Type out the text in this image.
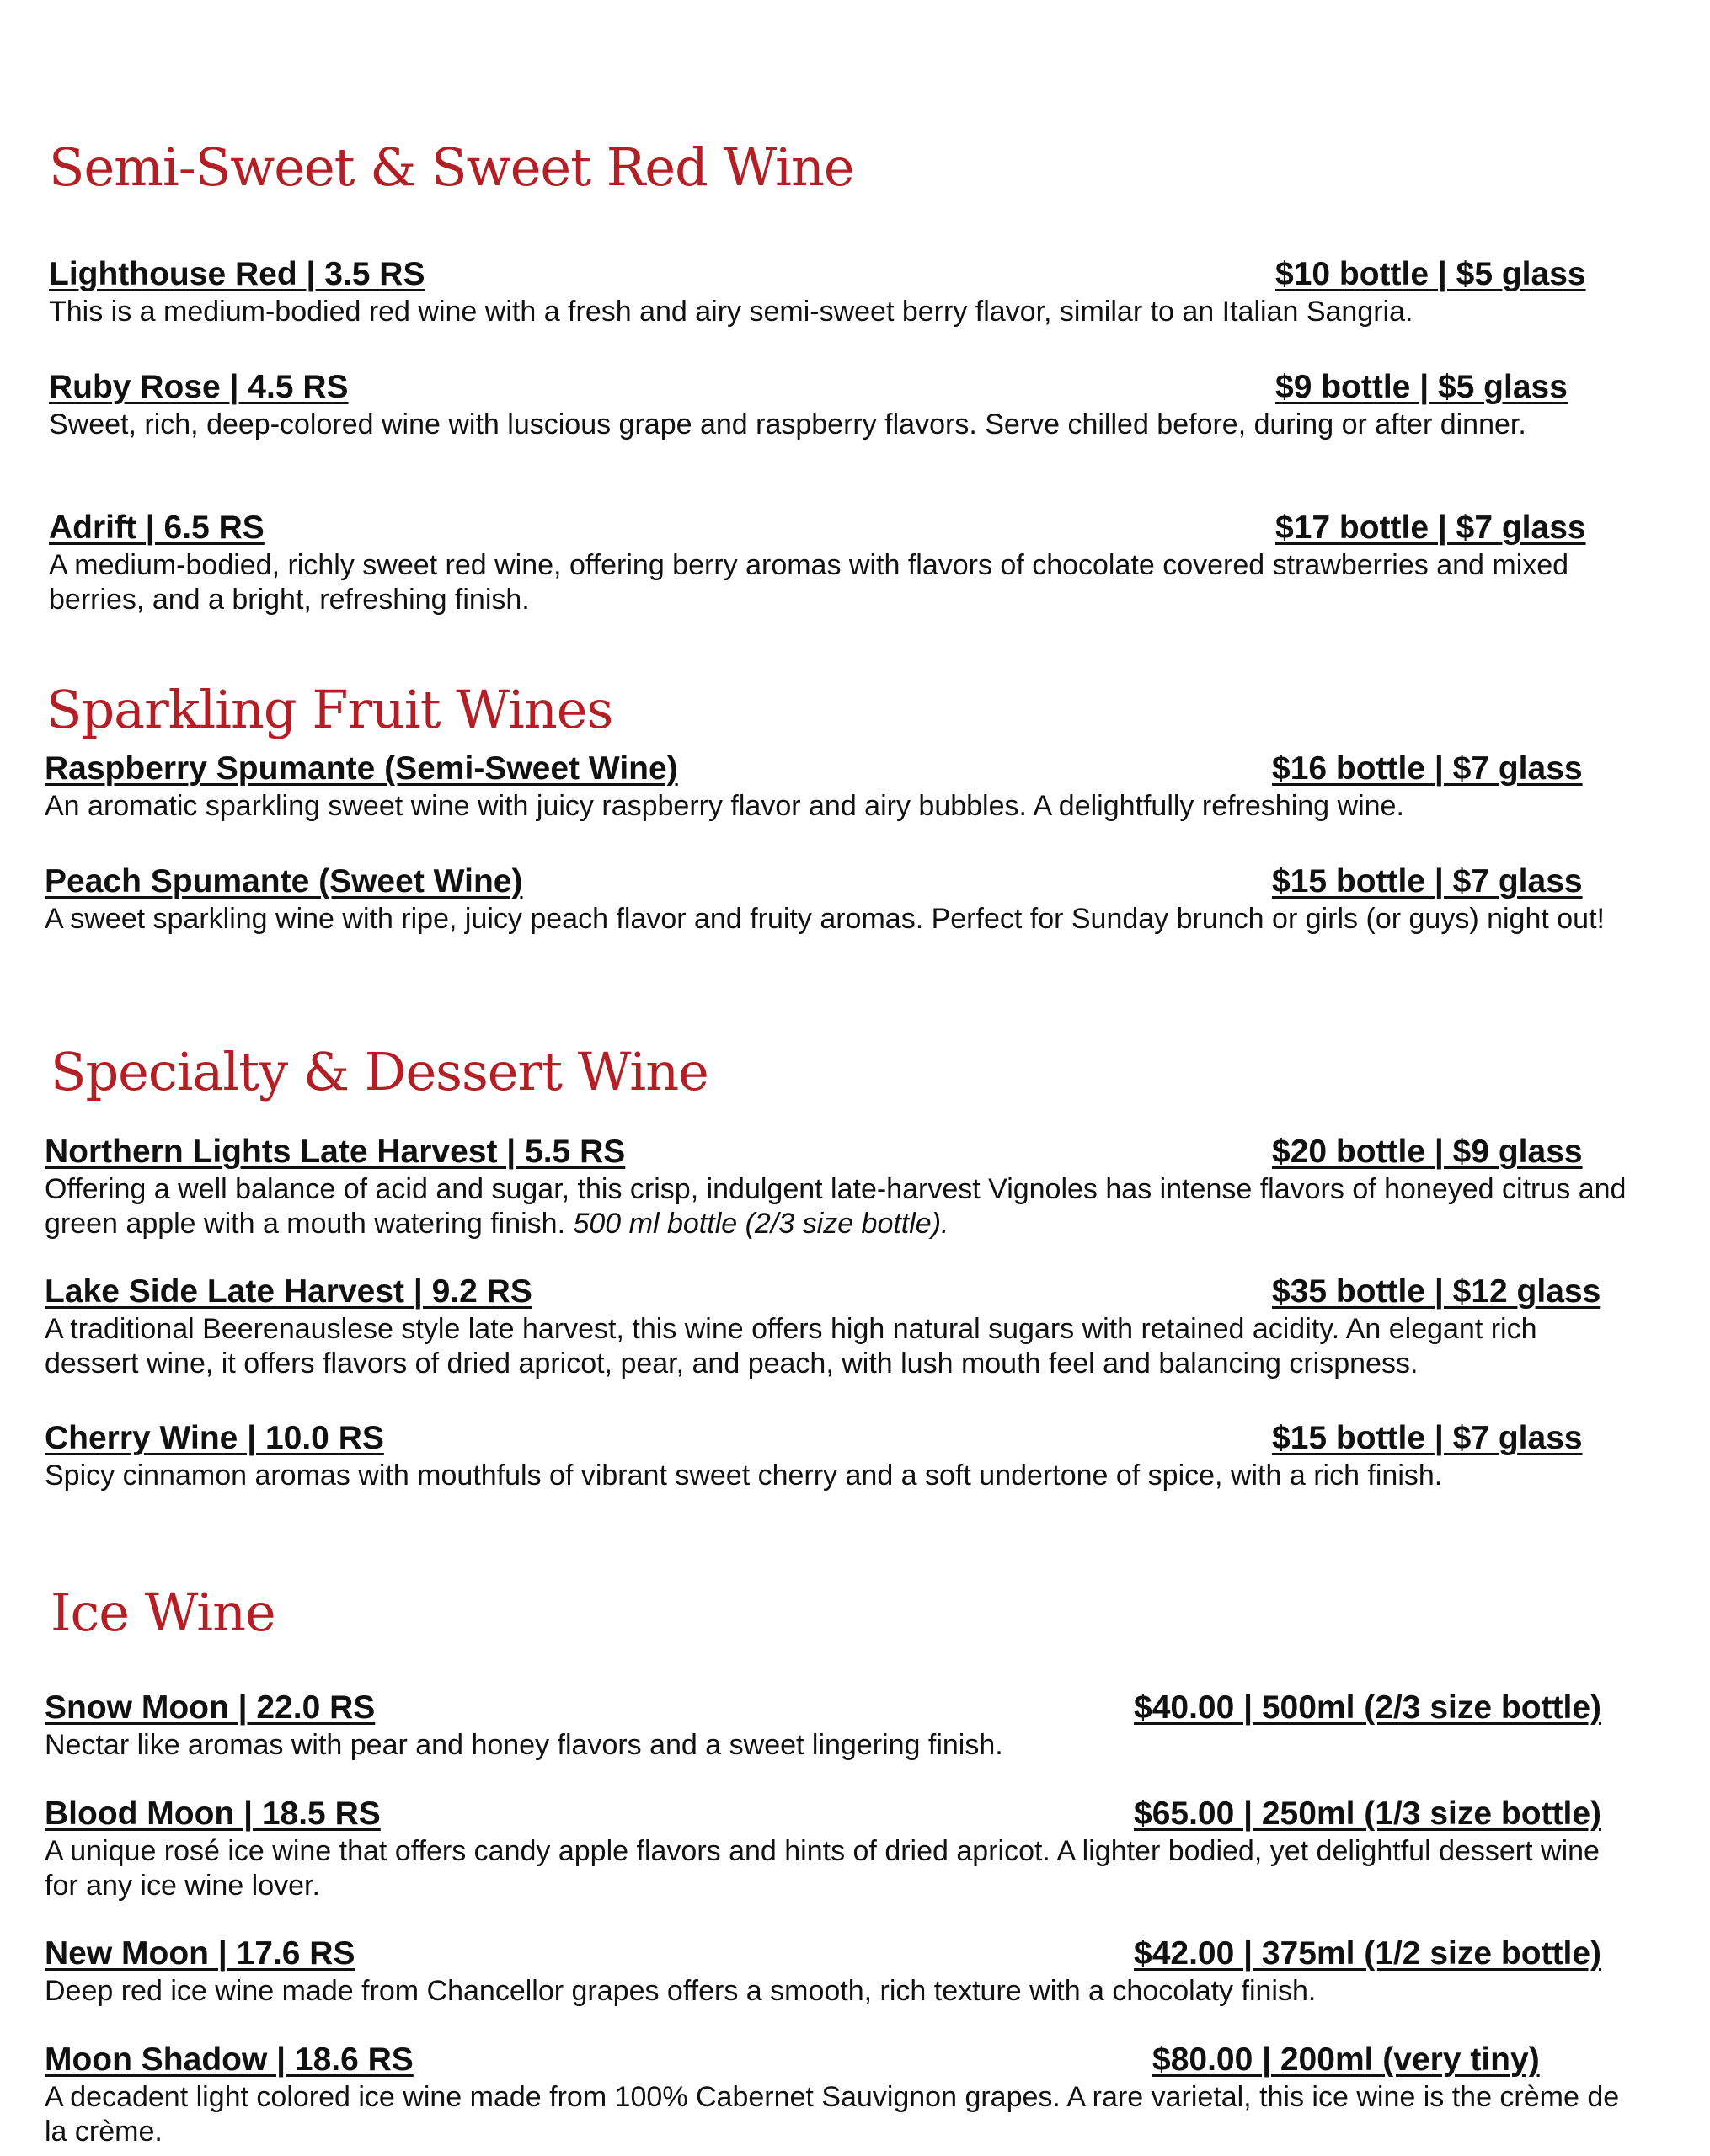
Semi-Sweet & Sweet Red Wine
Lighthouse Red | 3.5 RS	$10 bottle | $5 glass

This is a medium-bodied red wine with a fresh and airy semi-sweet berry flavor, similar to an Italian Sangria.

Ruby Rose | 4.5 RS	$9 bottle | $5 glass

Sweet, rich, deep-colored wine with luscious grape and raspberry flavors. Serve chilled before, during or after dinner.

Adrift | 6.5 RS	$17 bottle | $7 glass

A medium-bodied, richly sweet red wine, offering berry aromas with flavors of chocolate covered strawberries and mixed berries, and a bright, refreshing finish.

Sparkling Fruit Wines
Raspberry Spumante (Semi-Sweet Wine)	$16 bottle | $7 glass

An aromatic sparkling sweet wine with juicy raspberry flavor and airy bubbles. A delightfully refreshing wine.

Peach Spumante (Sweet Wine)	$15 bottle | $7 glass

A sweet sparkling wine with ripe, juicy peach flavor and fruity aromas. Perfect for Sunday brunch or girls (or guys) night out!

Specialty & Dessert Wine
Northern Lights Late Harvest | 5.5 RS	$20 bottle | $9 glass

Offering a well balance of acid and sugar, this crisp, indulgent late-harvest Vignoles has intense flavors of honeyed citrus and green apple with a mouth watering finish. 500 ml bottle (2/3 size bottle).

Lake Side Late Harvest | 9.2 RS	$35 bottle | $12 glass

A traditional Beerenauslese style late harvest, this wine offers high natural sugars with retained acidity. An elegant rich dessert wine, it offers flavors of dried apricot, pear, and peach, with lush mouth feel and balancing crispness.

Cherry Wine | 10.0 RS	$15 bottle | $7 glass

Spicy cinnamon aromas with mouthfuls of vibrant sweet cherry and a soft undertone of spice, with a rich finish.

Ice Wine
Snow Moon | 22.0 RS	$40.00 | 500ml (2/3 size bottle)

Nectar like aromas with pear and honey flavors and a sweet lingering finish.

Blood Moon | 18.5 RS	$65.00 | 250ml (1/3 size bottle)

A unique rosé ice wine that offers candy apple flavors and hints of dried apricot. A lighter bodied, yet delightful dessert wine for any ice wine lover.

New Moon | 17.6 RS	$42.00 | 375ml (1/2 size bottle)

Deep red ice wine made from Chancellor grapes offers a smooth, rich texture with a chocolaty finish.

Moon Shadow | 18.6 RS	$80.00 | 200ml (very tiny)

A decadent light colored ice wine made from 100% Cabernet Sauvignon grapes. A rare varietal, this ice wine is the crème de la crème.
